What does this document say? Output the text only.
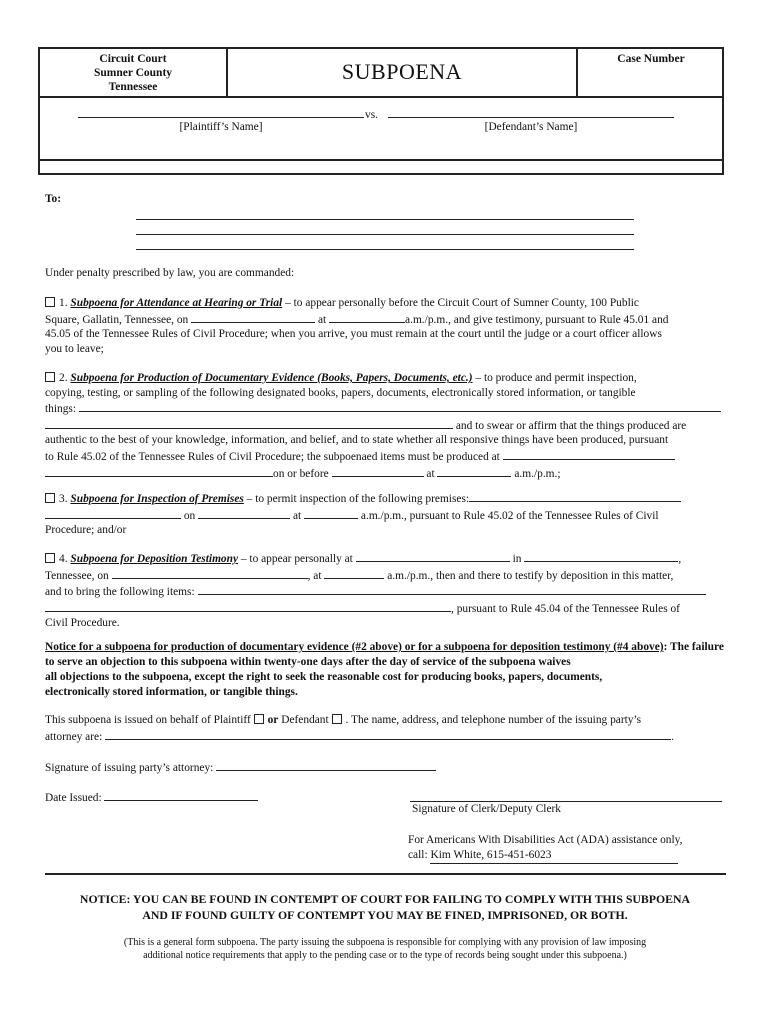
Circuit Court
Sumner County
Tennessee
SUBPOENA	Case Number
vs.
[Plaintiff’s Name]	[Defendant’s Name]
To:
Under penalty prescribed by law, you are commanded:
1. Subpoena for Attendance at Hearing or Trial – to appear personally before the Circuit Court of Sumner County, 100 Public
Square, Gallatin, Tennessee, on	at	a.m./p.m., and give testimony, pursuant to Rule 45.01 and
45.05 of the Tennessee Rules of Civil Procedure; when you arrive, you must remain at the court until the judge or a court officer allows
you to leave;
2. Subpoena for Production of Documentary Evidence (Books, Papers, Documents, etc.) – to produce and permit inspection,
copying, testing, or sampling of the following designated books, papers, documents, electronically stored information, or tangible
things:
and to swear or affirm that the things produced are
authentic to the best of your knowledge, information, and belief, and to state whether all responsive things have been produced, pursuant
to Rule 45.02 of the Tennessee Rules of Civil Procedure; the subpoenaed items must be produced at
on or before	at	a.m./p.m.;
3. Subpoena for Inspection of Premises – to permit inspection of the following premises:
on	at	a.m./p.m., pursuant to Rule 45.02 of the Tennessee Rules of Civil
Procedure; and/or
4. Subpoena for Deposition Testimony – to appear personally at	in	,
Tennessee, on	, at	a.m./p.m., then and there to testify by deposition in this matter,
and to bring the following items:
, pursuant to Rule 45.04 of the Tennessee Rules of
Civil Procedure.
Notice for a subpoena for production of documentary evidence (#2 above) or for a subpoena for deposition testimony (#4 above): The failure to serve an objection to this subpoena within twenty-one days after the day of service of the subpoena waives
all objections to the subpoena, except the right to seek the reasonable cost for producing books, papers, documents,
electronically stored information, or tangible things.
This subpoena is issued on behalf of Plaintiff or Defendant . The name, address, and telephone number of the issuing party’s
attorney are:	.
Signature of issuing party’s attorney:
Date Issued:
Signature of Clerk/Deputy Clerk
For Americans With Disabilities Act (ADA) assistance only,
call: Kim White, 615-451-6023
NOTICE: YOU CAN BE FOUND IN CONTEMPT OF COURT FOR FAILING TO COMPLY WITH THIS SUBPOENA
AND IF FOUND GUILTY OF CONTEMPT YOU MAY BE FINED, IMPRISONED, OR BOTH.
(This is a general form subpoena. The party issuing the subpoena is responsible for complying with any provision of law imposing
additional notice requirements that apply to the pending case or to the type of records being sought under this subpoena.)
